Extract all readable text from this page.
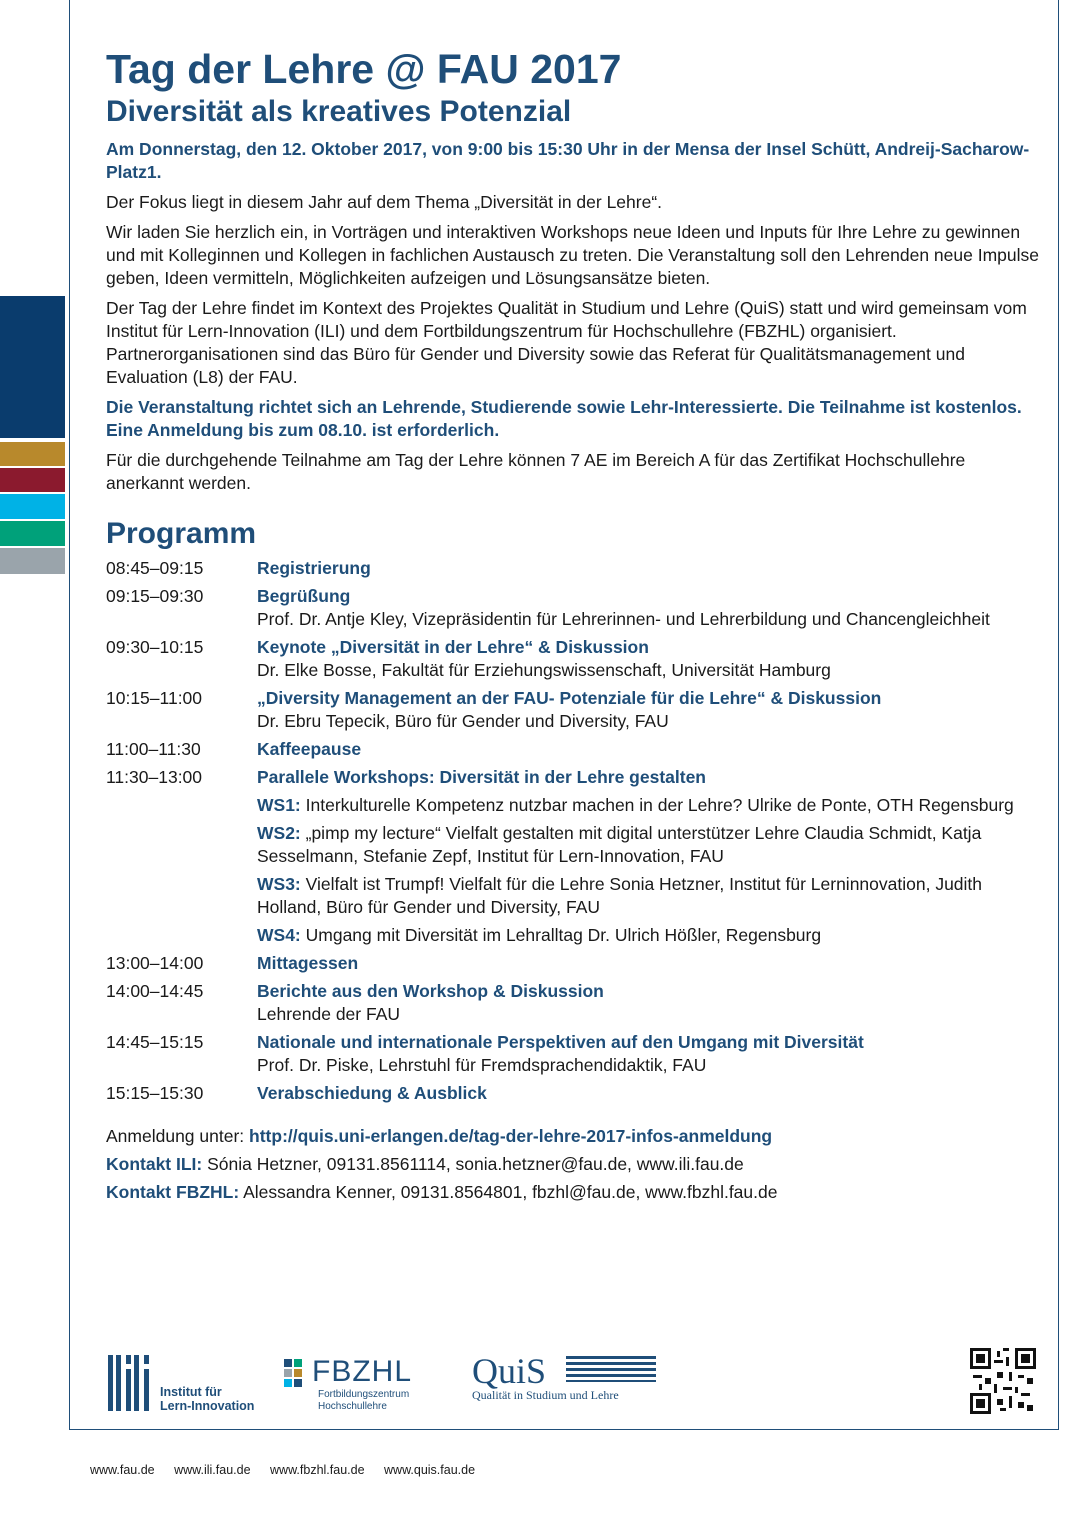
Tag der Lehre @ FAU 2017
Diversität als kreatives Potenzial

Am Donnerstag, den 12. Oktober 2017, von 9:00 bis 15:30 Uhr in der Mensa der Insel Schütt, Andreij-Sacharow-Platz1.

Der Fokus liegt in diesem Jahr auf dem Thema „Diversität in der Lehre“.

Wir laden Sie herzlich ein, in Vorträgen und interaktiven Workshops neue Ideen und Inputs für Ihre Lehre zu gewinnen und mit Kolleginnen und Kollegen in fachlichen Austausch zu treten. Die Veranstaltung soll den Lehrenden neue Impulse geben, Ideen vermitteln, Möglichkeiten aufzeigen und Lösungsansätze bieten.

Der Tag der Lehre findet im Kontext des Projektes Qualität in Studium und Lehre (QuiS) statt und wird gemeinsam vom Institut für Lern-Innovation (ILI) und dem Fortbildungszentrum für Hochschullehre (FBZHL) organisiert. Partnerorganisationen sind das Büro für Gender und Diversity sowie das Referat für Qualitätsmanagement und Evaluation (L8) der FAU.

Die Veranstaltung richtet sich an Lehrende, Studierende sowie Lehr-Interessierte. Die Teilnahme ist kostenlos. Eine Anmeldung bis zum 08.10. ist erforderlich.

Für die durchgehende Teilnahme am Tag der Lehre können 7 AE im Bereich A für das Zertifikat Hochschullehre anerkannt werden.

Programm
08:45–09:15	Registrierung
09:15–09:30	Begrüßung
Prof. Dr. Antje Kley, Vizepräsidentin für Lehrerinnen- und Lehrerbildung und Chancengleichheit
09:30–10:15	Keynote „Diversität in der Lehre“ & Diskussion
Dr. Elke Bosse, Fakultät für Erziehungswissenschaft, Universität Hamburg
10:15–11:00	„Diversity Management an der FAU- Potenziale für die Lehre“ & Diskussion
Dr. Ebru Tepecik, Büro für Gender und Diversity, FAU
11:00–11:30	Kaffeepause
11:30–13:00	Parallele Workshops: Diversität in der Lehre gestalten
WS1: Interkulturelle Kompetenz nutzbar machen in der Lehre? Ulrike de Ponte, OTH Regensburg
WS2: „pimp my lecture“ Vielfalt gestalten mit digital unterstützer Lehre Claudia Schmidt, Katja Sesselmann, Stefanie Zepf, Institut für Lern-Innovation, FAU
WS3: Vielfalt ist Trumpf! Vielfalt für die Lehre Sonia Hetzner, Institut für Lerninnovation, Judith Holland, Büro für Gender und Diversity, FAU
WS4: Umgang mit Diversität im Lehralltag Dr. Ulrich Hößler, Regensburg
13:00–14:00	Mittagessen
14:00–14:45	Berichte aus den Workshop & Diskussion
Lehrende der FAU
14:45–15:15	Nationale und internationale Perspektiven auf den Umgang mit Diversität
Prof. Dr. Piske, Lehrstuhl für Fremdsprachendidaktik, FAU
15:15–15:30	Verabschiedung & Ausblick
Anmeldung unter: http://quis.uni-erlangen.de/tag-der-lehre-2017-infos-anmeldung
Kontakt ILI: Sónia Hetzner, 09131.8561114, sonia.hetzner@fau.de, www.ili.fau.de
Kontakt FBZHL: Alessandra Kenner, 09131.8564801, fbzhl@fau.de, www.fbzhl.fau.de
Institut für
Lern-Innovation
FBZHL
Fortbildungszentrum
Hochschullehre
QuiS
Qualität in Studium und Lehre
www.fau.de www.ili.fau.de www.fbzhl.fau.de www.quis.fau.de
